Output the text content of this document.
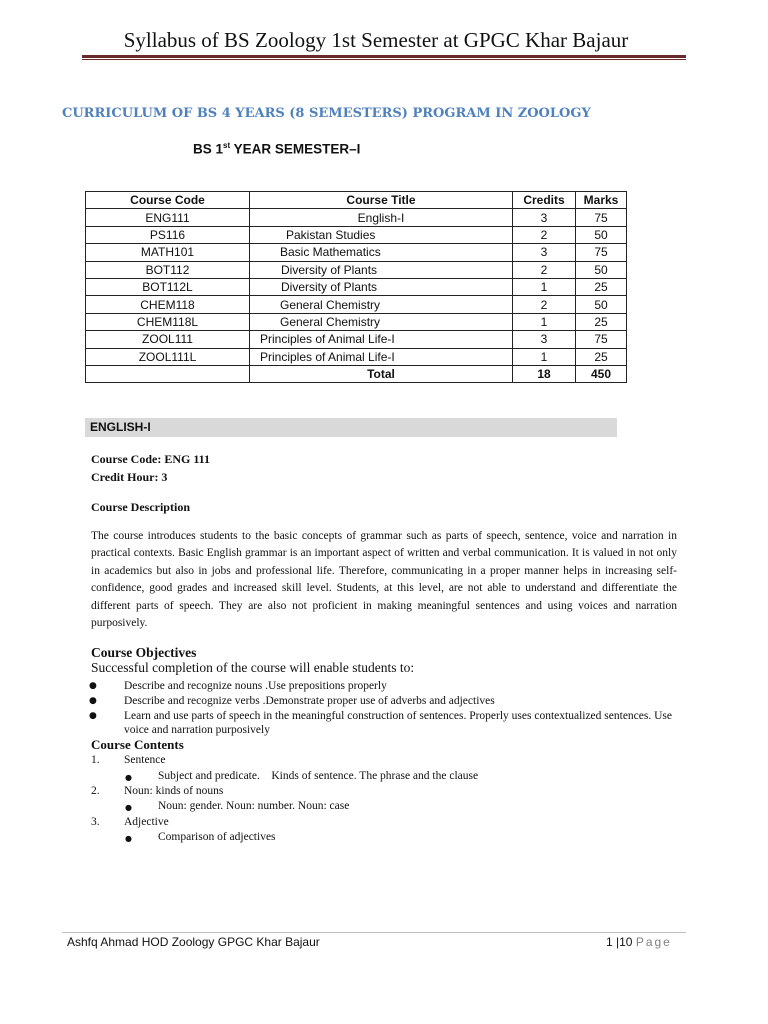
Syllabus of BS Zoology 1st Semester at GPGC Khar Bajaur
CURRICULUM OF BS 4 YEARS (8 SEMESTERS) PROGRAM IN ZOOLOGY
BS 1st YEAR SEMESTER–I
Course Code	Course Title	Credits	Marks
ENG111	English-I	3	75
PS116	Pakistan Studies	2	50
MATH101	Basic Mathematics	3	75
BOT112	Diversity of Plants	2	50
BOT112L	Diversity of Plants	1	25
CHEM118	General Chemistry	2	50
CHEM118L	General Chemistry	1	25
ZOOL111	Principles of Animal Life-I	3	75
ZOOL111L	Principles of Animal Life-I	1	25
	Total	18	450
ENGLISH-I
Course Code: ENG 111
Credit Hour: 3
Course Description
The course introduces students to the basic concepts of grammar such as parts of speech, sentence, voice and narration in practical contexts. Basic English grammar is an important aspect of written and verbal communication. It is valued in not only in academics but also in jobs and professional life. Therefore, communicating in a proper manner helps in increasing self-confidence, good grades and increased skill level. Students, at this level, are not able to understand and differentiate the different parts of speech. They are also not proficient in making meaningful sentences and using voices and narration purposively.
Course Objectives
Successful completion of the course will enable students to:
● Describe and recognize nouns .Use prepositions properly
● Describe and recognize verbs .Demonstrate proper use of adverbs and adjectives
● Learn and use parts of speech in the meaningful construction of sentences. Properly uses contextualized sentences. Use voice and narration purposively
Course Contents
1. Sentence
● Subject and predicate.    Kinds of sentence. The phrase and the clause
2. Noun: kinds of nouns
● Noun: gender. Noun: number. Noun: case
3. Adjective
● Comparison of adjectives
Ashfq Ahmad HOD Zoology GPGC Khar Bajaur	1 |10 Page
